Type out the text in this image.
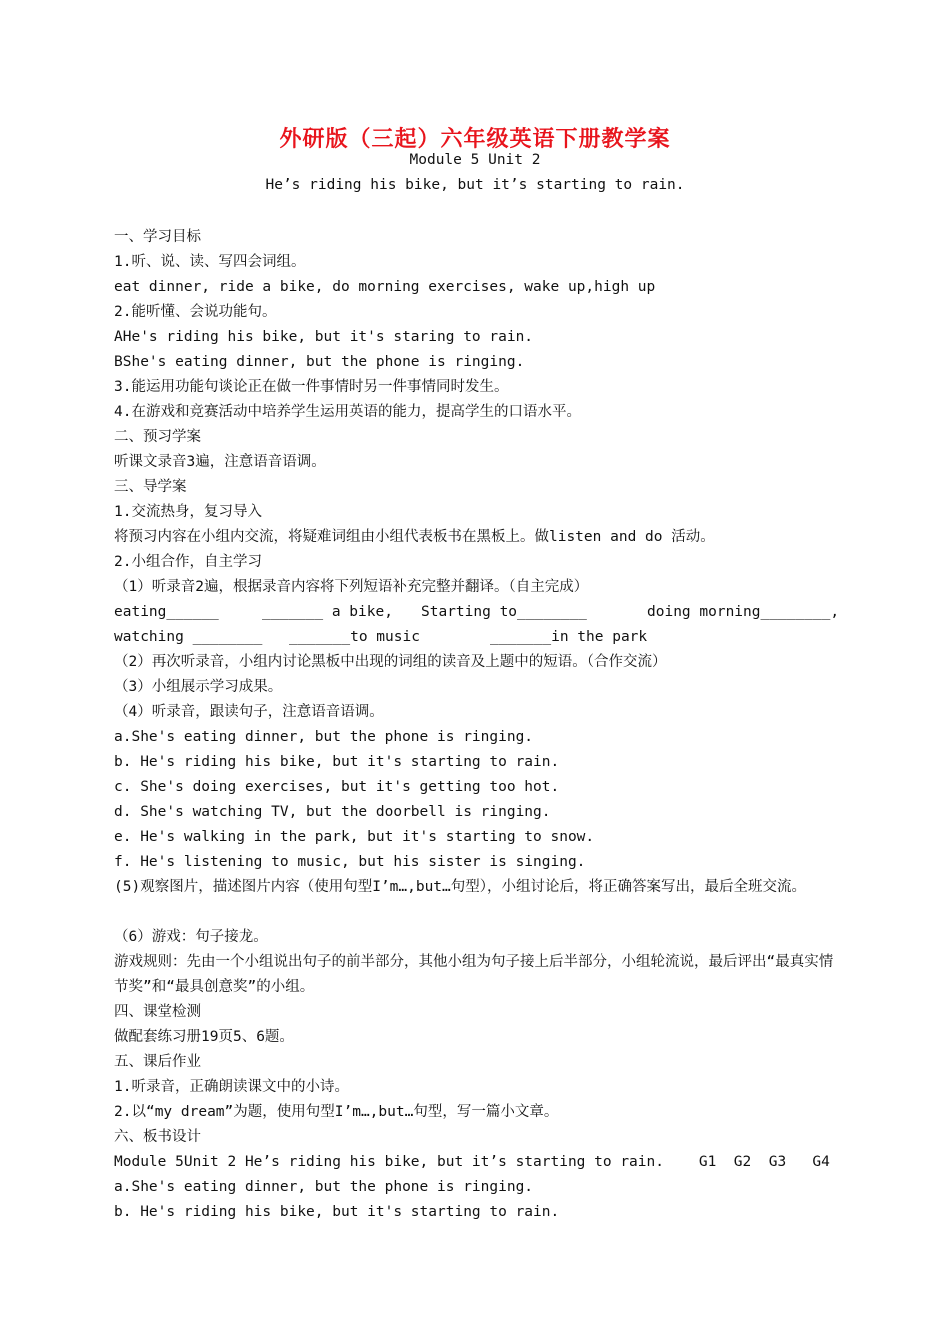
外研版（三起）六年级英语下册教学案
Module 5 Unit 2
He’s riding his bike, but it’s starting to rain.
一、学习目标
1.听、说、读、写四会词组。
eat dinner, ride a bike, do morning exercises, wake up,high up
2.能听懂、会说功能句。
AHe's riding his bike, but it's staring to rain.
BShe's eating dinner, but the phone is ringing.
3.能运用功能句谈论正在做一件事情时另一件事情同时发生。
4.在游戏和竞赛活动中培养学生运用英语的能力，提高学生的口语水平。
二、预习学案
听课文录音3遍，注意语音语调。
三、导学案
1.交流热身，复习导入
将预习内容在小组内交流，将疑难词组由小组代表板书在黑板上。做listen and do 活动。
2.小组合作，自主学习
（1）听录音2遍，根据录音内容将下列短语补充完整并翻译。（自主完成）
eating______	_______ a bike, Starting to________	doing morning________,
watching ________ _______to music	_______in the park
（2）再次听录音，小组内讨论黑板中出现的词组的读音及上题中的短语。（合作交流）
（3）小组展示学习成果。
（4）听录音，跟读句子，注意语音语调。
a.She's eating dinner, but the phone is ringing.
b. He's riding his bike, but it's starting to rain.
c. She's doing exercises, but it's getting too hot.
d. She's watching TV, but the doorbell is ringing.
e. He's walking in the park, but it's starting to snow.
f. He's listening to music, but his sister is singing.
(5)观察图片，描述图片内容（使用句型I’m…,but…句型），小组讨论后，将正确答案写出，最后全班交流。
（6）游戏：句子接龙。
游戏规则：先由一个小组说出句子的前半部分，其他小组为句子接上后半部分，小组轮流说，最后评出“最真实情节奖”和“最具创意奖”的小组。
四、课堂检测
做配套练习册19页5、6题。
五、课后作业
1.听录音，正确朗读课文中的小诗。
2.以“my dream”为题，使用句型I’m…,but…句型，写一篇小文章。
六、板书设计
Module 5Unit 2 He’s riding his bike, but it’s starting to rain.    G1  G2  G3   G4
a.She's eating dinner, but the phone is ringing.
b. He's riding his bike, but it's starting to rain.
